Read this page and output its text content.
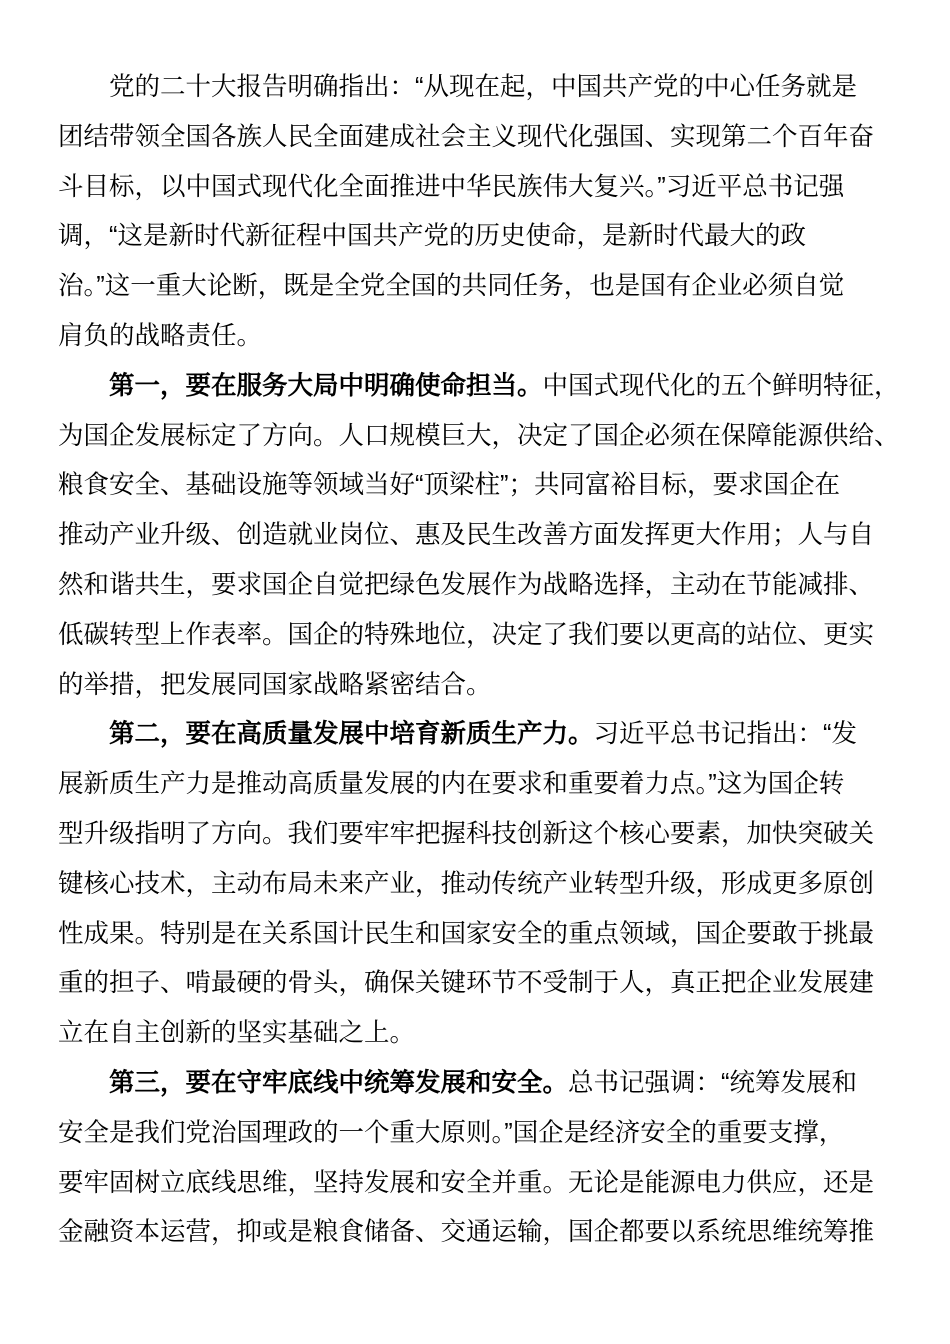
党的二十大报告明确指出：“从现在起，中国共产党的中心任务就是
团结带领全国各族人民全面建成社会主义现代化强国、实现第二个百年奋
斗目标，以中国式现代化全面推进中华民族伟大复兴。”习近平总书记强
调，“这是新时代新征程中国共产党的历史使命，是新时代最大的政
治。”这一重大论断，既是全党全国的共同任务，也是国有企业必须自觉
肩负的战略责任。
第一，要在服务大局中明确使命担当。中国式现代化的五个鲜明特征，
为国企发展标定了方向。人口规模巨大，决定了国企必须在保障能源供给、
粮食安全、基础设施等领域当好“顶梁柱”；共同富裕目标，要求国企在
推动产业升级、创造就业岗位、惠及民生改善方面发挥更大作用；人与自
然和谐共生，要求国企自觉把绿色发展作为战略选择，主动在节能减排、
低碳转型上作表率。国企的特殊地位，决定了我们要以更高的站位、更实
的举措，把发展同国家战略紧密结合。
第二，要在高质量发展中培育新质生产力。习近平总书记指出：“发
展新质生产力是推动高质量发展的内在要求和重要着力点。”这为国企转
型升级指明了方向。我们要牢牢把握科技创新这个核心要素，加快突破关
键核心技术，主动布局未来产业，推动传统产业转型升级，形成更多原创
性成果。特别是在关系国计民生和国家安全的重点领域，国企要敢于挑最
重的担子、啃最硬的骨头，确保关键环节不受制于人，真正把企业发展建
立在自主创新的坚实基础之上。
第三，要在守牢底线中统筹发展和安全。总书记强调：“统筹发展和
安全是我们党治国理政的一个重大原则。”国企是经济安全的重要支撑，
要牢固树立底线思维，坚持发展和安全并重。无论是能源电力供应，还是
金融资本运营，抑或是粮食储备、交通运输，国企都要以系统思维统筹推
